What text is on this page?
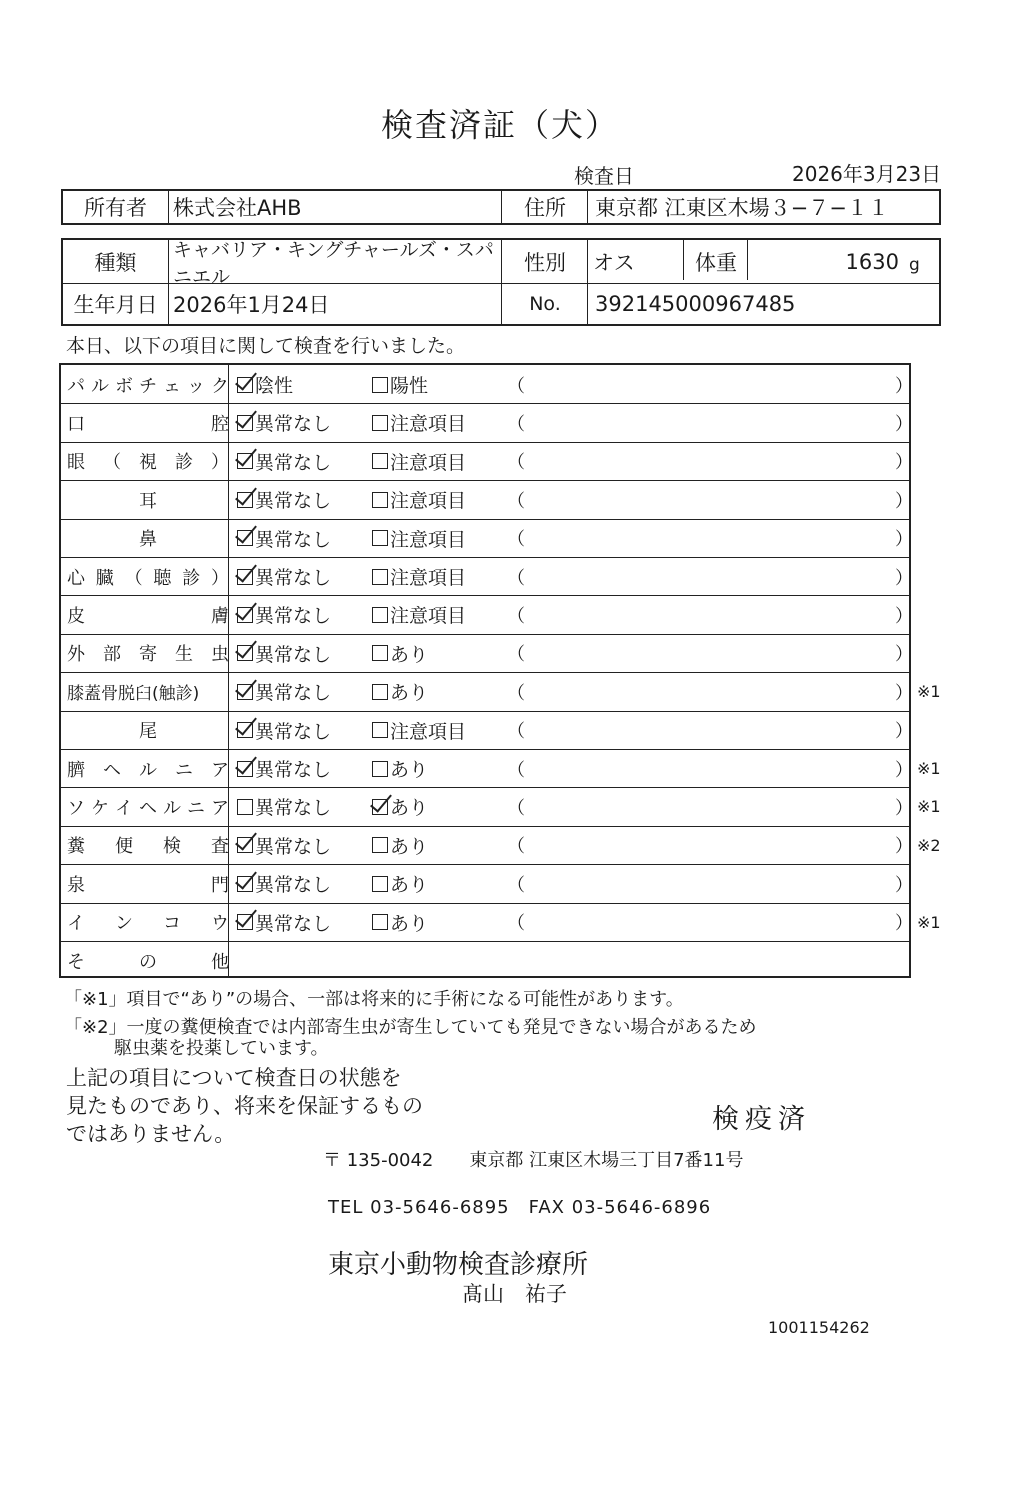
検査済証（犬）
検査日	2026年3月23日
所有者	株式会社AHB	住所	東京都 江東区木場３−７−１１
種類
キャバリア・キングチャールズ・スパニエル
性別	オス	体重	1630 g
生年月日 2026年1月24日	No.	392145000967485
本日、以下の項目に関して検査を行いました。
パ ル ボ チ ェ ッ ク 陰性	陽性	（	）
口	腔 異常なし	注意項目 （	）
眼 （ 視 診 ） 異常なし	注意項目 （	）
耳	異常なし	注意項目 （	）
鼻	異常なし	注意項目 （	）
心 臓 （ 聴 診 ） 異常なし	注意項目 （	）
皮	膚 異常なし	注意項目 （	）
外 部 寄 生 虫 異常なし	あり	（	）
膝蓋骨脱臼(触診)	異常なし	あり	（	） ※1
尾	異常なし	注意項目 （	）
臍 ヘ ル ニ ア 異常なし	あり	（	） ※1
ソ ケ イ ヘ ル ニ ア 異常なし	あり	（	） ※1
糞 便 検 査 異常なし	あり	（	） ※2
泉	門 異常なし	あり	（	）
イ ン コ ウ 異常なし	あり	（	） ※1
そ	の	他
「※1」項目で“あり”の場合、一部は将来的に手術になる可能性があります。
「※2」一度の糞便検査では内部寄生虫が寄生していても発見できない場合があるため
駆虫薬を投薬しています。
上記の項目について検査日の状態を
見たものであり、将来を保証するもの
ではありません。	検疫済
〒 135-0042　　東京都 江東区木場三丁目7番11号
TEL 03-5646-6895　FAX 03-5646-6896
東京小動物検査診療所
髙山　祐子
1001154262
